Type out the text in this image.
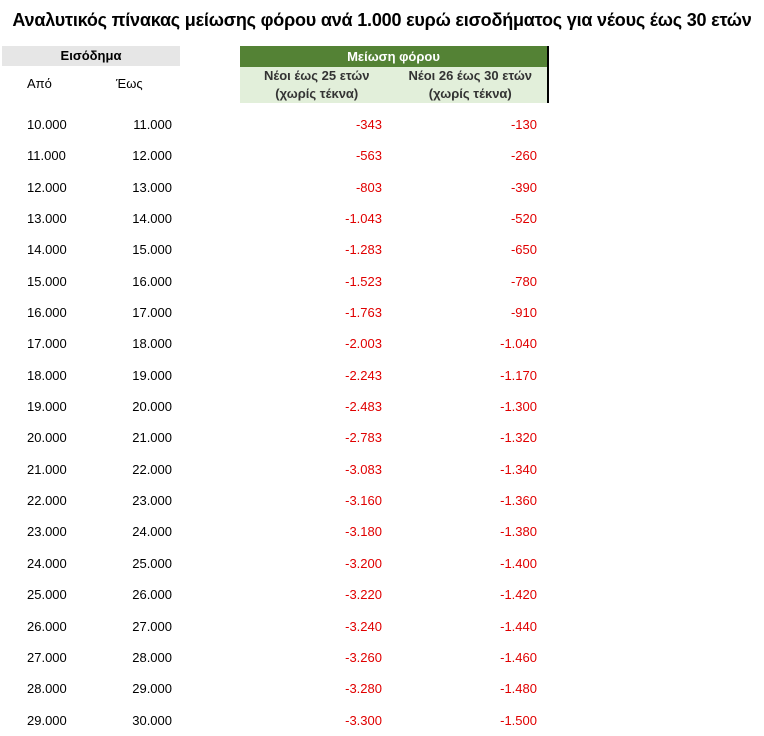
Αναλυτικός πίνακας μείωσης φόρου ανά 1.000 ευρώ εισοδήματος για νέους έως 30 ετών
Εισόδημα
Από	Έως
Μείωση φόρου
Νέοι έως 25 ετών
(χωρίς τέκνα)
Νέοι 26 έως 30 ετών
(χωρίς τέκνα)
10.000	11.000	-343	-130
11.000	12.000	-563	-260
12.000	13.000	-803	-390
13.000	14.000	-1.043	-520
14.000	15.000	-1.283	-650
15.000	16.000	-1.523	-780
16.000	17.000	-1.763	-910
17.000	18.000	-2.003	-1.040
18.000	19.000	-2.243	-1.170
19.000	20.000	-2.483	-1.300
20.000	21.000	-2.783	-1.320
21.000	22.000	-3.083	-1.340
22.000	23.000	-3.160	-1.360
23.000	24.000	-3.180	-1.380
24.000	25.000	-3.200	-1.400
25.000	26.000	-3.220	-1.420
26.000	27.000	-3.240	-1.440
27.000	28.000	-3.260	-1.460
28.000	29.000	-3.280	-1.480
29.000	30.000	-3.300	-1.500
